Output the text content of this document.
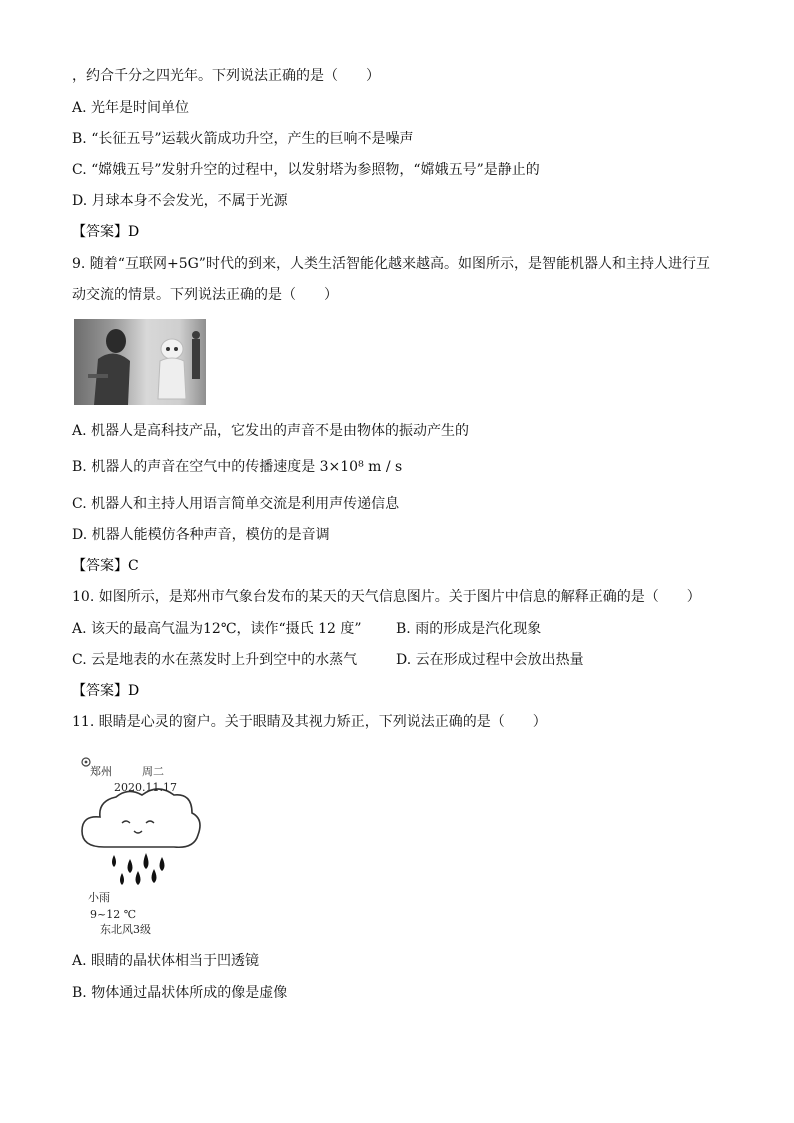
，约合千分之四光年。下列说法正确的是（　　）
A. 光年是时间单位
B. “长征五号”运载火箭成功升空，产生的巨响不是噪声
C. “嫦娥五号”发射升空的过程中，以发射塔为参照物，“嫦娥五号”是静止的
D. 月球本身不会发光，不属于光源
【答案】D
9. 随着“互联网+5G”时代的到来，人类生活智能化越来越高。如图所示，是智能机器人和主持人进行互
动交流的情景。下列说法正确的是（　　）
A. 机器人是高科技产品，它发出的声音不是由物体的振动产生的
B. 机器人的声音在空气中的传播速度是 3×10⁸ m / s
C. 机器人和主持人用语言简单交流是利用声传递信息
D. 机器人能模仿各种声音，模仿的是音调
【答案】C
10. 如图所示，是郑州市气象台发布的某天的天气信息图片。关于图片中信息的解释正确的是（　　）
A. 该天的最高气温为12℃，读作“摄氏 12 度” B. 雨的形成是汽化现象
C. 云是地表的水在蒸发时上升到空中的水蒸气	D. 云在形成过程中会放出热量
【答案】D
11. 眼睛是心灵的窗户。关于眼睛及其视力矫正，下列说法正确的是（　　）
郑州	周二
2020.11.17
小雨
9~12 ℃
东北风3级
A. 眼睛的晶状体相当于凹透镜
B. 物体通过晶状体所成的像是虚像
